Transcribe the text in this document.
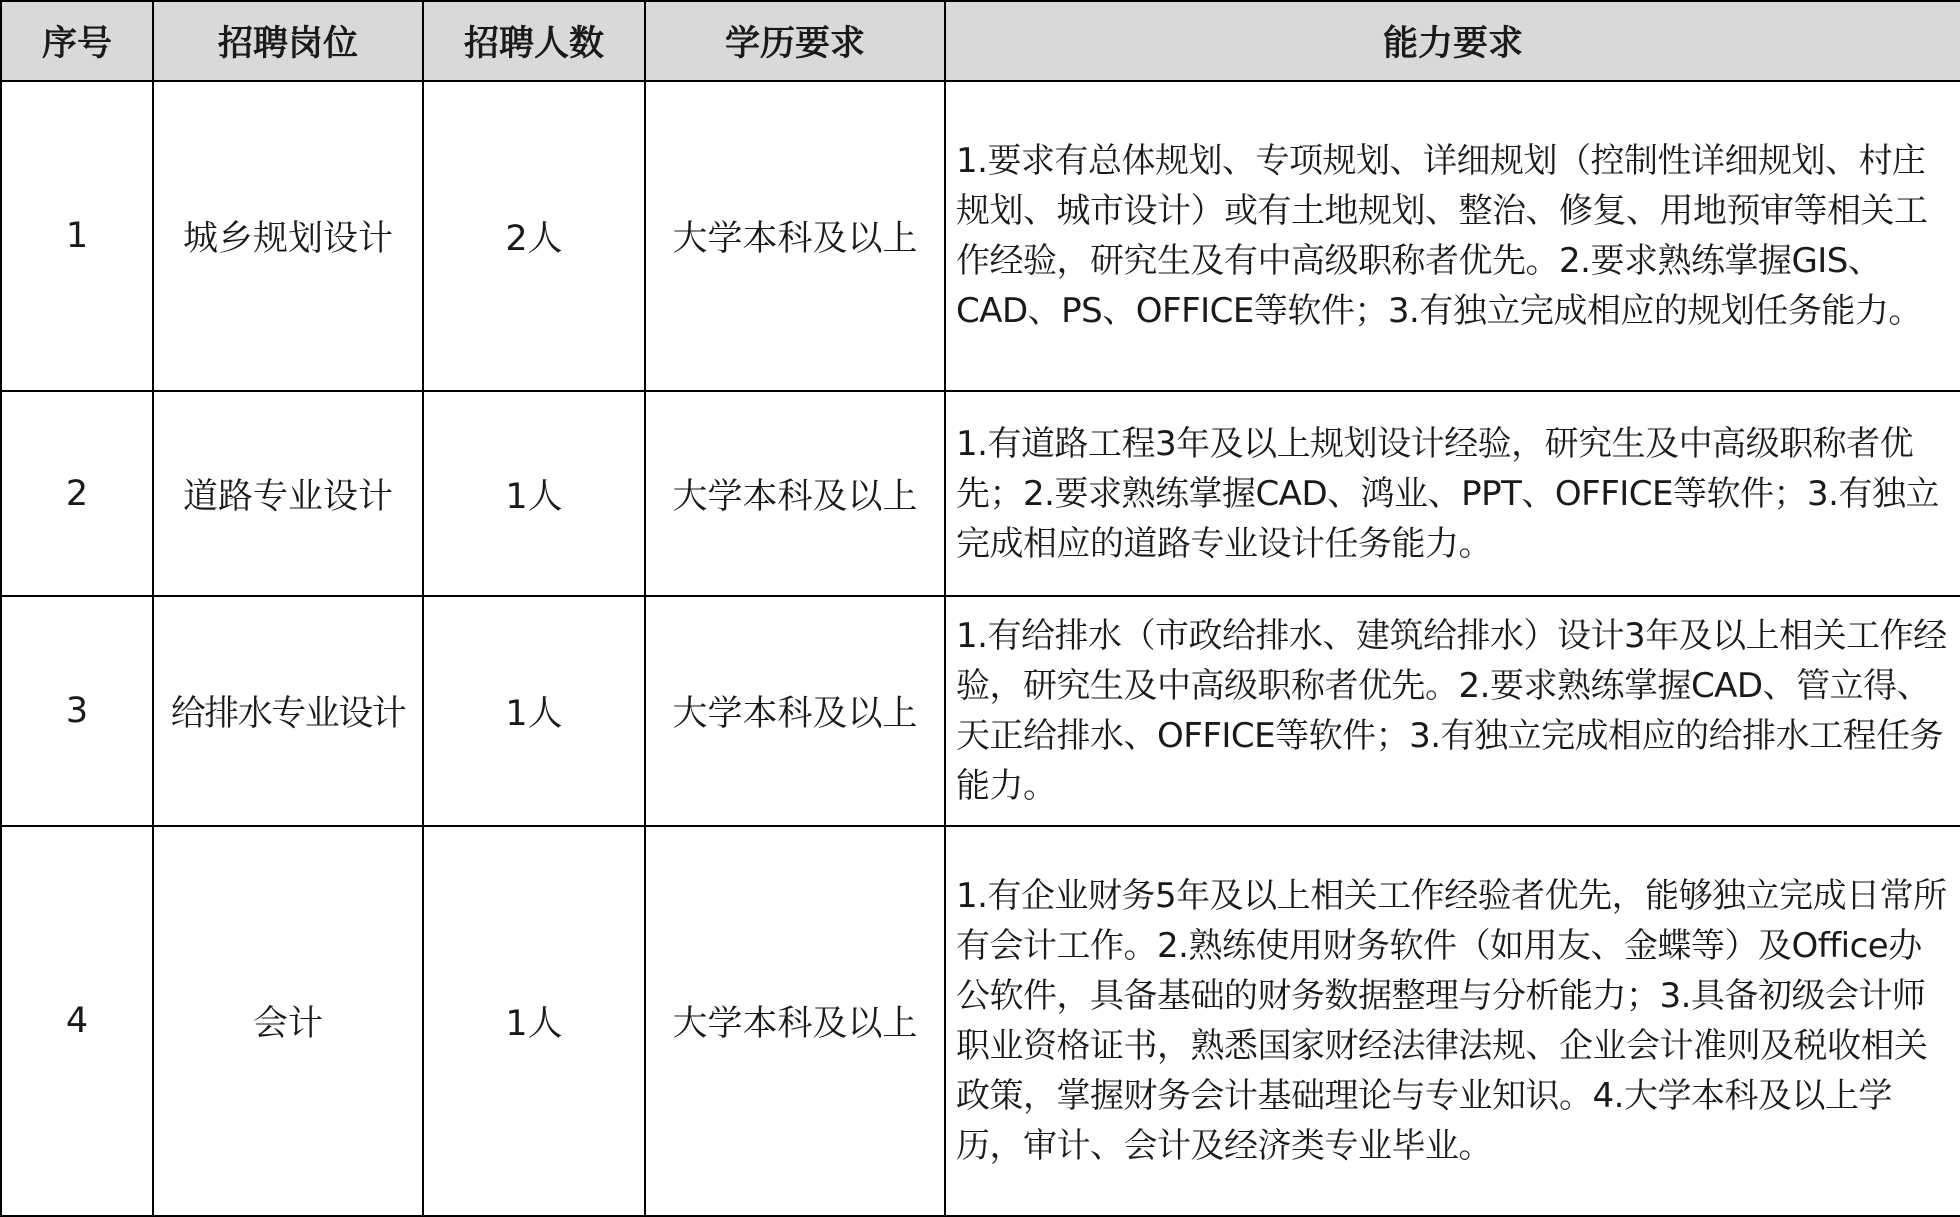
序号	招聘岗位	招聘人数	学历要求	能力要求
1	城乡规划设计	2人	大学本科及以上	1.要求有总体规划、专项规划、详细规划（控制性详细规划、村庄规划、城市设计）或有土地规划、整治、修复、用地预审等相关工作经验，研究生及有中高级职称者优先。2.要求熟练掌握GIS、CAD、PS、OFFICE等软件；3.有独立完成相应的规划任务能力。
2	道路专业设计	1人	大学本科及以上	1.有道路工程3年及以上规划设计经验，研究生及中高级职称者优先；2.要求熟练掌握CAD、鸿业、PPT、OFFICE等软件；3.有独立完成相应的道路专业设计任务能力。
3	给排水专业设计	1人	大学本科及以上	1.有给排水（市政给排水、建筑给排水）设计3年及以上相关工作经验，研究生及中高级职称者优先。2.要求熟练掌握CAD、管立得、天正给排水、OFFICE等软件；3.有独立完成相应的给排水工程任务能力。
4	会计	1人	大学本科及以上	1.有企业财务5年及以上相关工作经验者优先，能够独立完成日常所有会计工作。2.熟练使用财务软件（如用友、金蝶等）及Office办公软件，具备基础的财务数据整理与分析能力；3.具备初级会计师职业资格证书，熟悉国家财经法律法规、企业会计准则及税收相关政策，掌握财务会计基础理论与专业知识。4.大学本科及以上学历，审计、会计及经济类专业毕业。
